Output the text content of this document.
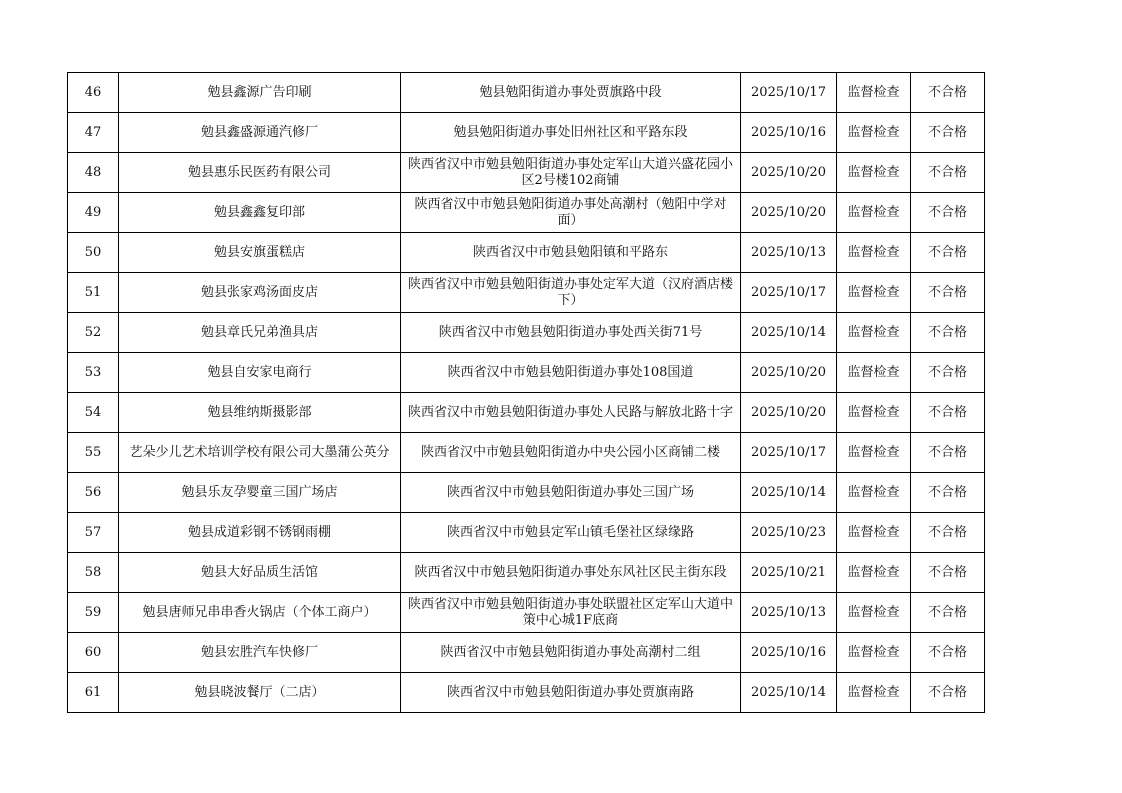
46	勉县鑫源广告印刷	勉县勉阳街道办事处贾旗路中段	2025/10/17	监督检查	不合格
47	勉县鑫盛源通汽修厂	勉县勉阳街道办事处旧州社区和平路东段	2025/10/16	监督检查	不合格
48	勉县惠乐民医药有限公司	陕西省汉中市勉县勉阳街道办事处定军山大道兴盛花园小区2号楼102商铺	2025/10/20	监督检查	不合格
49	勉县鑫鑫复印部	陕西省汉中市勉县勉阳街道办事处高潮村（勉阳中学对面）	2025/10/20	监督检查	不合格
50	勉县安旗蛋糕店	陕西省汉中市勉县勉阳镇和平路东	2025/10/13	监督检查	不合格
51	勉县张家鸡汤面皮店	陕西省汉中市勉县勉阳街道办事处定军大道（汉府酒店楼下）	2025/10/17	监督检查	不合格
52	勉县章氏兄弟渔具店	陕西省汉中市勉县勉阳街道办事处西关街71号	2025/10/14	监督检查	不合格
53	勉县自安家电商行	陕西省汉中市勉县勉阳街道办事处108国道	2025/10/20	监督检查	不合格
54	勉县维纳斯摄影部	陕西省汉中市勉县勉阳街道办事处人民路与解放北路十字	2025/10/20	监督检查	不合格
55	艺朵少儿艺术培训学校有限公司大墨蒲公英分	陕西省汉中市勉县勉阳街道办中央公园小区商铺二楼	2025/10/17	监督检查	不合格
56	勉县乐友孕婴童三国广场店	陕西省汉中市勉县勉阳街道办事处三国广场	2025/10/14	监督检查	不合格
57	勉县成道彩钢不锈钢雨棚	陕西省汉中市勉县定军山镇毛堡社区绿缘路	2025/10/23	监督检查	不合格
58	勉县大好品质生活馆	陕西省汉中市勉县勉阳街道办事处东风社区民主街东段	2025/10/21	监督检查	不合格
59	勉县唐师兄串串香火锅店（个体工商户）	陕西省汉中市勉县勉阳街道办事处联盟社区定军山大道中策中心城1F底商	2025/10/13	监督检查	不合格
60	勉县宏胜汽车快修厂	陕西省汉中市勉县勉阳街道办事处高潮村二组	2025/10/16	监督检查	不合格
61	勉县晓波餐厅（二店）	陕西省汉中市勉县勉阳街道办事处贾旗南路	2025/10/14	监督检查	不合格
